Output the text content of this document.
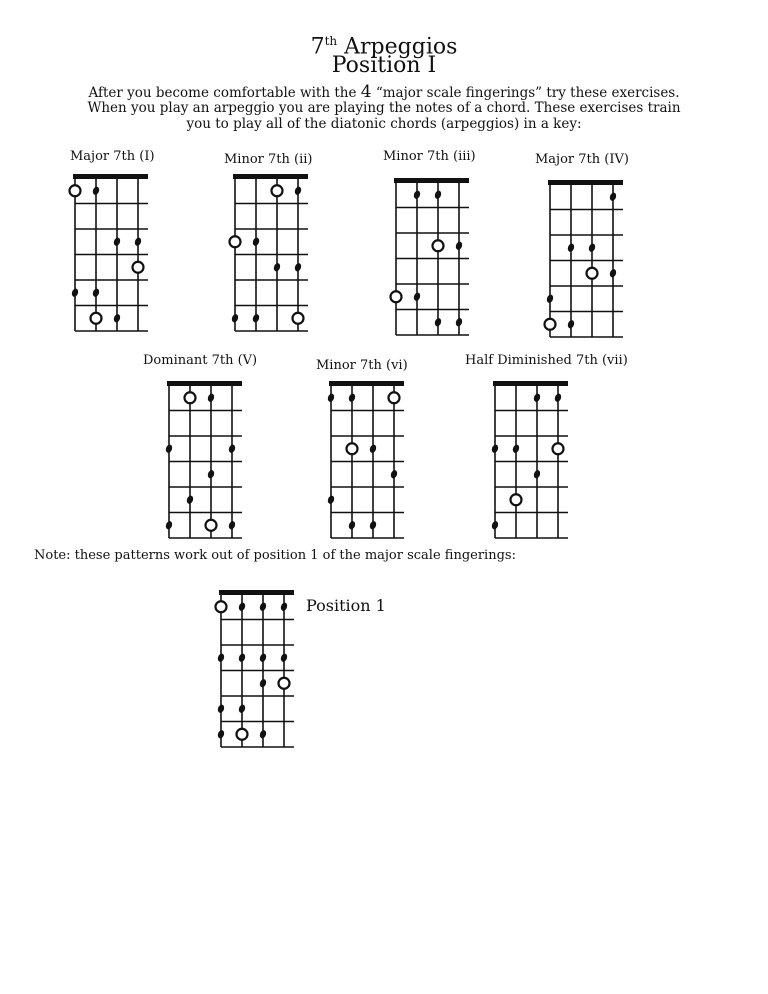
7th Arpeggios
Position I
After you become comfortable with the 4 “major scale fingerings” try these exercises.
When you play an arpeggio you are playing the notes of a chord. These exercises train
you to play all of the diatonic chords (arpeggios) in a key:
Major 7th (I)	Minor 7th (ii)	Minor 7th (iii)	Major 7th (IV)
Dominant 7th (V)	Minor 7th (vi)	Half Diminished 7th (vii)
Note: these patterns work out of position 1 of the major scale fingerings:
Position 1
